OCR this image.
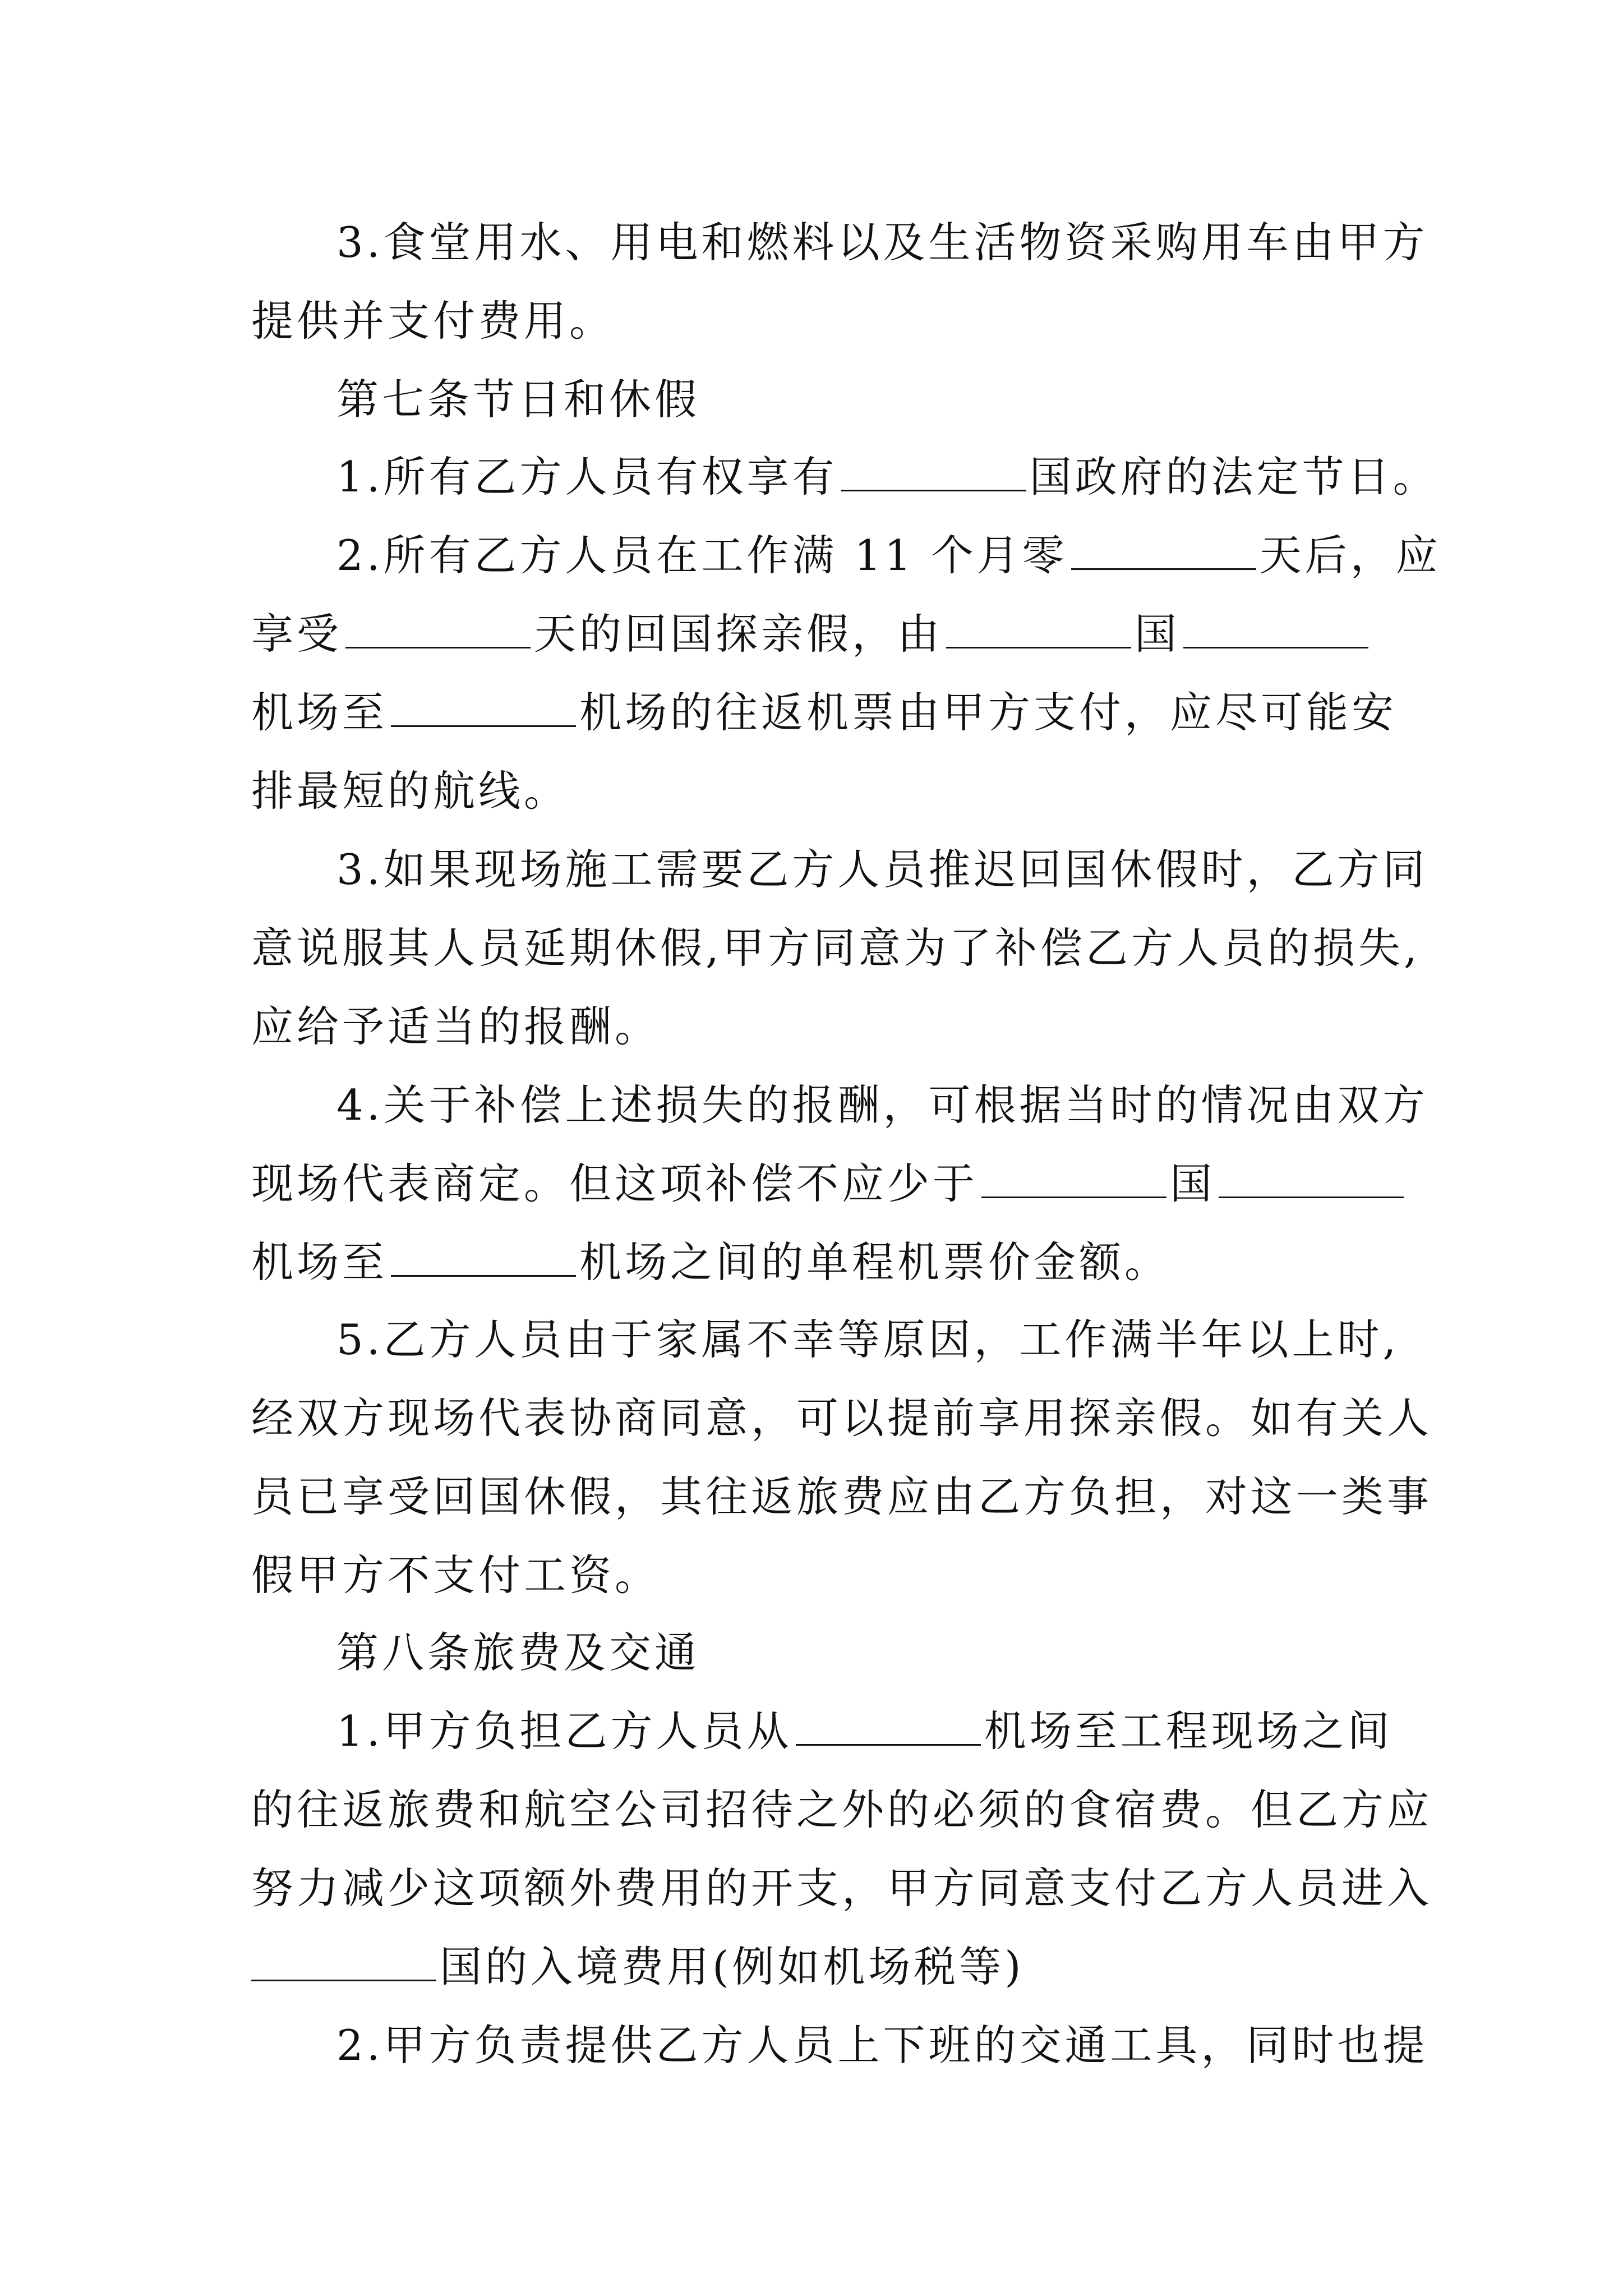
3.食堂用水、用电和燃料以及生活物资采购用车由甲方
提供并支付费用。
第七条节日和休假
1.所有乙方人员有权享有	国政府的法定节日。
2.所有乙方人员在工作满 11 个月零	天后，应
享受	天的回国探亲假，由	国
机场至	机场的往返机票由甲方支付，应尽可能安
排最短的航线。
3.如果现场施工需要乙方人员推迟回国休假时，乙方同
意说服其人员延期休假,甲方同意为了补偿乙方人员的损失,
应给予适当的报酬。
4.关于补偿上述损失的报酬，可根据当时的情况由双方
现场代表商定。但这项补偿不应少于	国
机场至	机场之间的单程机票价金额。
5.乙方人员由于家属不幸等原因，工作满半年以上时,
经双方现场代表协商同意，可以提前享用探亲假。如有关人
员已享受回国休假，其往返旅费应由乙方负担，对这一类事
假甲方不支付工资。
第八条旅费及交通
1.甲方负担乙方人员从	机场至工程现场之间
的往返旅费和航空公司招待之外的必须的食宿费。但乙方应
努力减少这项额外费用的开支，甲方同意支付乙方人员进入
国的入境费用(例如机场税等)
2.甲方负责提供乙方人员上下班的交通工具，同时也提
